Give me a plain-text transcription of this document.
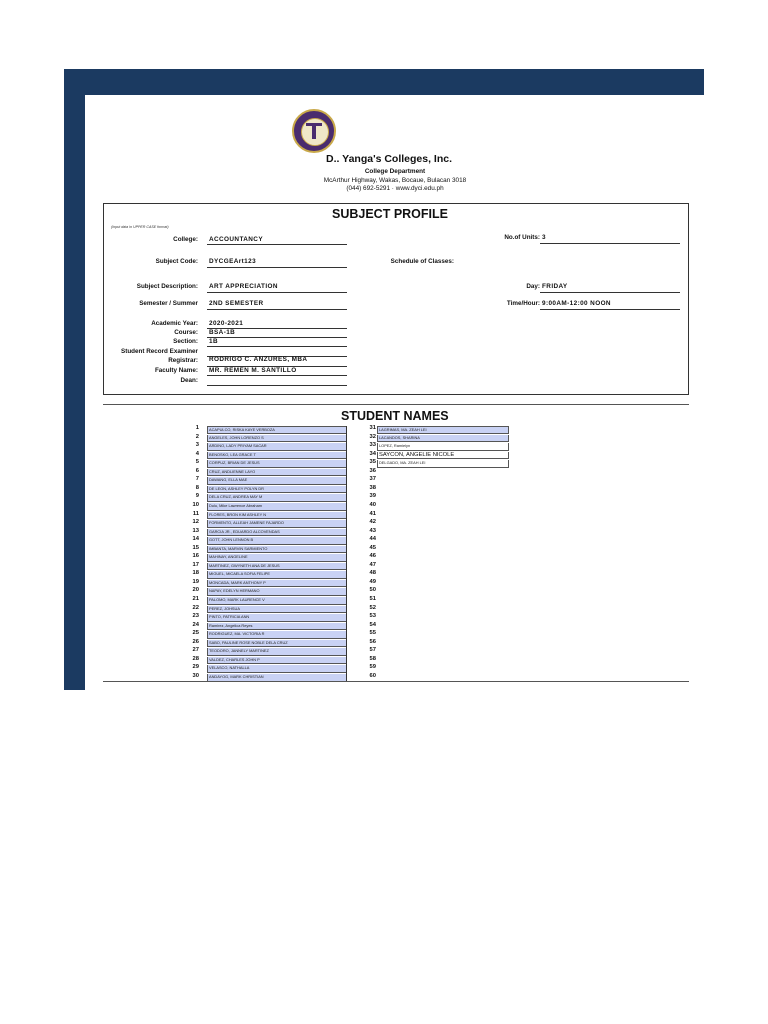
D.. Yanga's Colleges, Inc.
College Department
McArthur Highway, Wakas, Bocaue, Bulacan 3018
(044) 692-5291 · www.dyci.edu.ph
SUBJECT PROFILE
(Input data in UPPER CASE format)
College: ACCOUNTANCY	No.of Units: 3
Subject Code: DYCGEArt123	Schedule of Classes:
Subject Description: ART APPRECIATION	Day: FRIDAY
Semester / Summer 2ND SEMESTER	Time/Hour: 9:00AM-12:00 NOON
Academic Year: 2020-2021
Course: BSA-1B
Section: 1B
Student Record Examiner
Registrar: RODRIGO C. ANZURES, MBA
Faculty Name: MR. REMEN M. SANTILLO
Dean:
STUDENT NAMES
1	ACAPULCO, RISKA KAYE VERBOZA
2	ANGELES, JOHN LORENZO S
3	ARDINO, LADY PRIYAM SACAR
4	BENOSKO, LEA GRACE T
5	CORPUZ, BRIAN DE JESUS
6	CRUZ, ANDLIENNE LAYO
7	DAWANG, ELLA MAE
8	DE LEON, ASHLEY POLYN DR
9	DELA CRUZ, ANDREA MAY M
10	Dulu, Mike Lawrence Abraham
11	FLORES, BRON KIM ASHLEY N
12	FORMENTO, ALLEAH JAMENE FAJARDO
13	GARCIA JR., EDUARDO ALCOVENDAS
14	GOTT, JOHN LENNON B
15	IMBANTA, MARVIN SARMIENTO
16	MAHINAY, ANGELINE
17	MARTINEZ, GWYNETH ANA DE JESUS
18	MIGUEL, MICAELA SOFIA FELIPE
19	MONCADA, MARK ANTHONY P
20	NAPAY, EDELYN HERMANO
21	PALOMO, MARK LAURENCE V
22	PEREZ, JOHSUA
23	PINTO, PATRICIA ANN
24	Ramirez, Angelica Reyes
25	RODRIGUEZ, MA. VICTORIA R
26	SABO, PAULINE ROSE NOBLE DELA CRUZ
27	TEODORO, JANNELY MARTINEZ
28	VALDEZ, CHARLES JOHN P
29	VELASCO, NATHALLA
30	ANDAYOG, MARK CHRISTIAN
31 LAGRIMAS, MA. ZEAH LEI
32 LACANDOS, SHARINA
33 LOPEZ, Ramielyn
34 SAYCON, ANGELIE NICOLE
35 DELGADO, MA. ZEAH LEI
36
37
38
39
40
41
42
43
44
45
46
47
48
49
50
51
52
53
54
55
56
57
58
59
60
